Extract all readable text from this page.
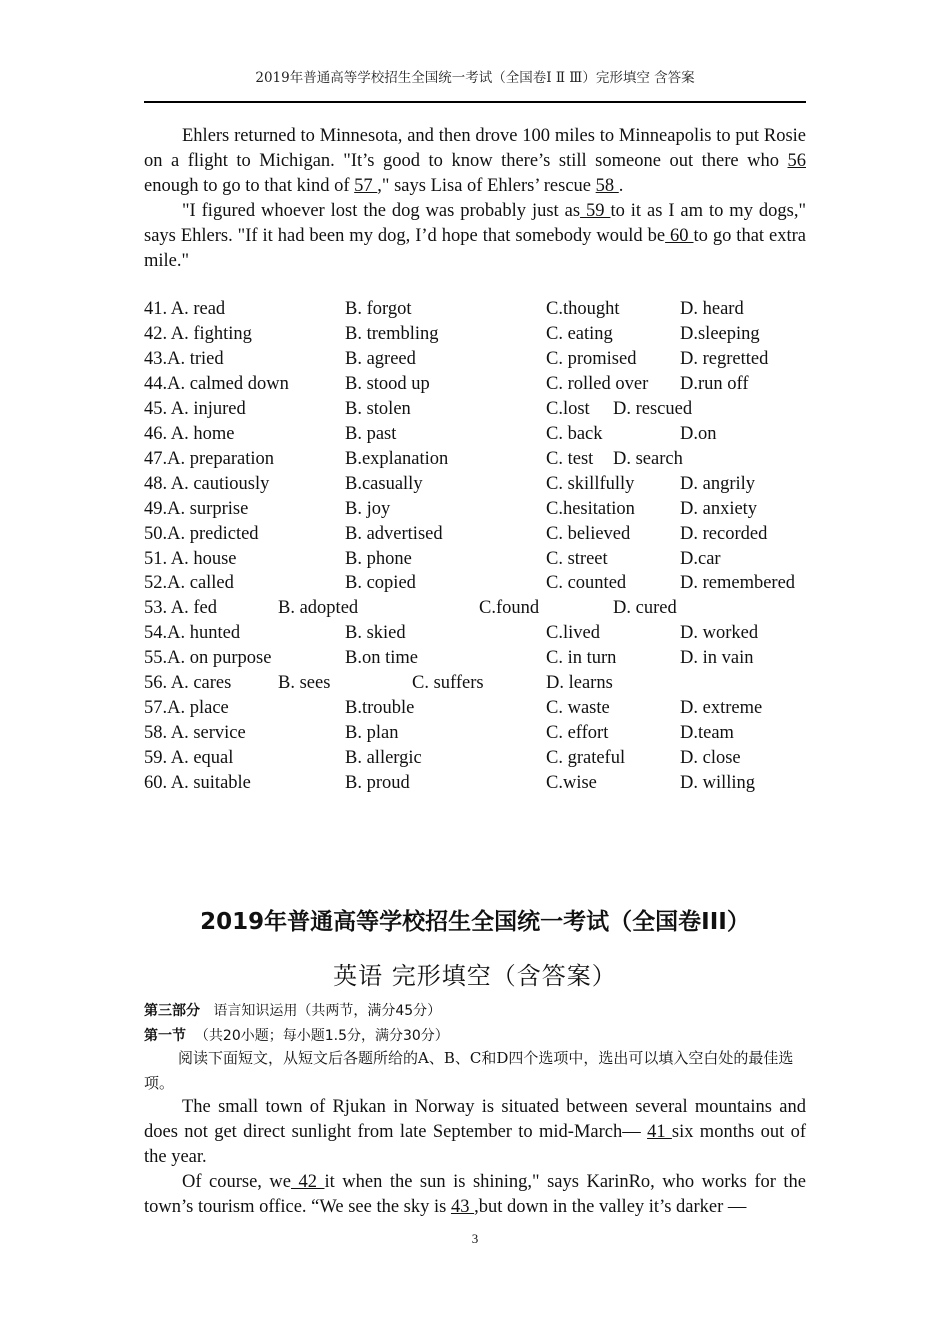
2019年普通高等学校招生全国统一考试（全国卷Ⅰ Ⅱ Ⅲ）完形填空 含答案
Ehlers returned to Minnesota, and then drove 100 miles to Minneapolis to put Rosie on a flight to Michigan. "It’s good to know there’s still someone out there who 56 enough to go to that kind of 57 ," says Lisa of Ehlers’ rescue 58 .
"I figured whoever lost the dog was probably just as 59 to it as I am to my dogs," says Ehlers. "If it had been my dog, I’d hope that somebody would be 60 to go that extra mile."
41. A. read	B. forgot	C.thought	D. heard
42. A. fighting	B. trembling	C. eating	D.sleeping
43.A. tried	B. agreed	C. promised D. regretted
44.A. calmed down	B. stood up	C. rolled over D.run off
45. A. injured	B. stolen	C.lost D. rescued
46. A. home	B. past	C. back	D.on
47.A. preparation	B.explanation	C. test D. search
48. A. cautiously	B.casually	C. skillfully D. angrily
49.A. surprise	B. joy	C.hesitation D. anxiety
50.A. predicted	B. advertised	C. believed	D. recorded
51. A. house	B. phone	C. street	D.car
52.A. called	B. copied	C. counted	D. remembered
53. A. fed	B. adopted	C.found	D. cured
54.A. hunted	B. skied	C.lived	D. worked
55.A. on purpose	B.on time	C. in turn	D. in vain
56. A. cares	B. sees	C. suffers	D. learns
57.A. place	B.trouble	C. waste	D. extreme
58. A. service	B. plan	C. effort	D.team
59. A. equal	B. allergic	C. grateful	D. close
60. A. suitable	B. proud	C.wise	D. willing
2019年普通高等学校招生全国统一考试（全国卷III）
英语 完形填空（含答案）
第三部分 语言知识运用（共两节，满分45分）
第一节 （共20小题；每小题1.5分，满分30分）
阅读下面短文，从短文后各题所给的A、B、C和D四个选项中，选出可以填入空白处的最佳选项。
The small town of Rjukan in Norway is situated between several mountains and does not get direct sunlight from late September to mid-March— 41 six months out of the year.
Of course, we 42 it when the sun is shining," says KarinRo, who works for the town’s tourism office. “We see the sky is 43 ,but down in the valley it’s darker —
3
